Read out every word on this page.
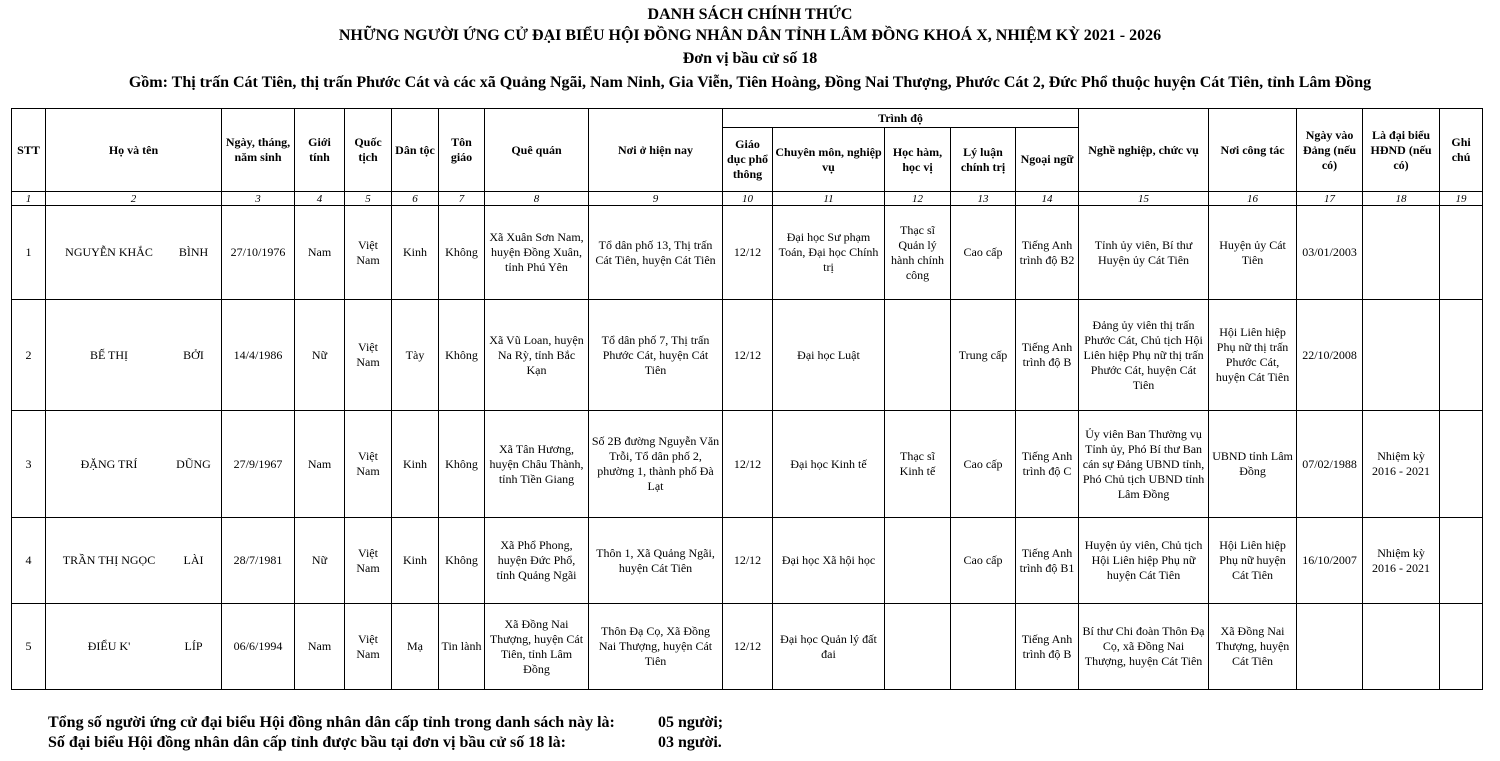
DANH SÁCH CHÍNH THỨC
NHỮNG NGƯỜI ỨNG CỬ ĐẠI BIỂU HỘI ĐỒNG NHÂN DÂN TỈNH LÂM ĐỒNG KHOÁ X, NHIỆM KỲ 2021 - 2026
Đơn vị bầu cử số 18
Gồm: Thị trấn Cát Tiên, thị trấn Phước Cát và các xã Quảng Ngãi, Nam Ninh, Gia Viễn, Tiên Hoàng, Đồng Nai Thượng, Phước Cát 2, Đức Phổ thuộc huyện Cát Tiên, tỉnh Lâm Đồng
STT	Họ và tên	Ngày, tháng, năm sinh	Giới tính	Quốc tịch	Dân tộc	Tôn giáo	Quê quán	Nơi ở hiện nay	Trình độ					Nghề nghiệp, chức vụ	Nơi công tác	Ngày vào Đảng (nếu có)	Là đại biểu HĐND (nếu có)	Ghi chú
									Giáo dục phổ thông	Chuyên môn, nghiệp vụ	Học hàm, học vị	Lý luận chính trị	Ngoại ngữ					
1	2	3	4	5	6	7	8	9	10	11	12	13	14	15	16	17	18	19
1	NGUYỄN KHẮC BÌNH	27/10/1976	Nam	Việt Nam	Kinh	Không	Xã Xuân Sơn Nam, huyện Đồng Xuân, tỉnh Phú Yên	Tổ dân phố 13, Thị trấn Cát Tiên, huyện Cát Tiên	12/12	Đại học Sư phạm Toán, Đại học Chính trị	Thạc sĩ Quản lý hành chính công	Cao cấp	Tiếng Anh trình độ B2	Tỉnh ủy viên, Bí thư Huyện ủy Cát Tiên	Huyện ủy Cát Tiên	03/01/2003		
2	BẾ THỊ BỞI	14/4/1986	Nữ	Việt Nam	Tày	Không	Xã Vũ Loan, huyện Na Rỳ, tỉnh Bắc Kạn	Tổ dân phố 7, Thị trấn Phước Cát, huyện Cát Tiên	12/12	Đại học Luật		Trung cấp	Tiếng Anh trình độ B	Đảng ủy viên thị trấn Phước Cát, Chủ tịch Hội Liên hiệp Phụ nữ thị trấn Phước Cát, huyện Cát Tiên	Hội Liên hiệp Phụ nữ thị trấn Phước Cát, huyện Cát Tiên	22/10/2008		
3	ĐẶNG TRÍ DŨNG	27/9/1967	Nam	Việt Nam	Kinh	Không	Xã Tân Hương, huyện Châu Thành, tỉnh Tiền Giang	Số 2B đường Nguyễn Văn Trỗi, Tổ dân phố 2, phường 1, thành phố Đà Lạt	12/12	Đại học Kinh tế	Thạc sĩ Kinh tế	Cao cấp	Tiếng Anh trình độ C	Ủy viên Ban Thường vụ Tỉnh ủy, Phó Bí thư Ban cán sự Đảng UBND tỉnh, Phó Chủ tịch UBND tỉnh Lâm Đồng	UBND tỉnh Lâm Đồng	07/02/1988	Nhiệm kỳ 2016 - 2021	
4	TRẦN THỊ NGỌC LÀI	28/7/1981	Nữ	Việt Nam	Kinh	Không	Xã Phổ Phong, huyện Đức Phổ, tỉnh Quảng Ngãi	Thôn 1, Xã Quảng Ngãi, huyện Cát Tiên	12/12	Đại học Xã hội học		Cao cấp	Tiếng Anh trình độ B1	Huyện ủy viên, Chủ tịch Hội Liên hiệp Phụ nữ huyện Cát Tiên	Hội Liên hiệp Phụ nữ huyện Cát Tiên	16/10/2007	Nhiệm kỳ 2016 - 2021	
5	ĐIỂU K' LÍP	06/6/1994	Nam	Việt Nam	Mạ	Tin lành	Xã Đồng Nai Thượng, huyện Cát Tiên, tỉnh Lâm Đồng	Thôn Đạ Cọ, Xã Đồng Nai Thượng, huyện Cát Tiên	12/12	Đại học Quản lý đất đai			Tiếng Anh trình độ B	Bí thư Chi đoàn Thôn Đạ Cọ, xã Đồng Nai Thượng, huyện Cát Tiên	Xã Đồng Nai Thượng, huyện Cát Tiên			
Tổng số người ứng cử đại biểu Hội đồng nhân dân cấp tỉnh trong danh sách này là:	05 người;
Số đại biểu Hội đồng nhân dân cấp tỉnh được bầu tại đơn vị bầu cử số 18 là:	03 người.
